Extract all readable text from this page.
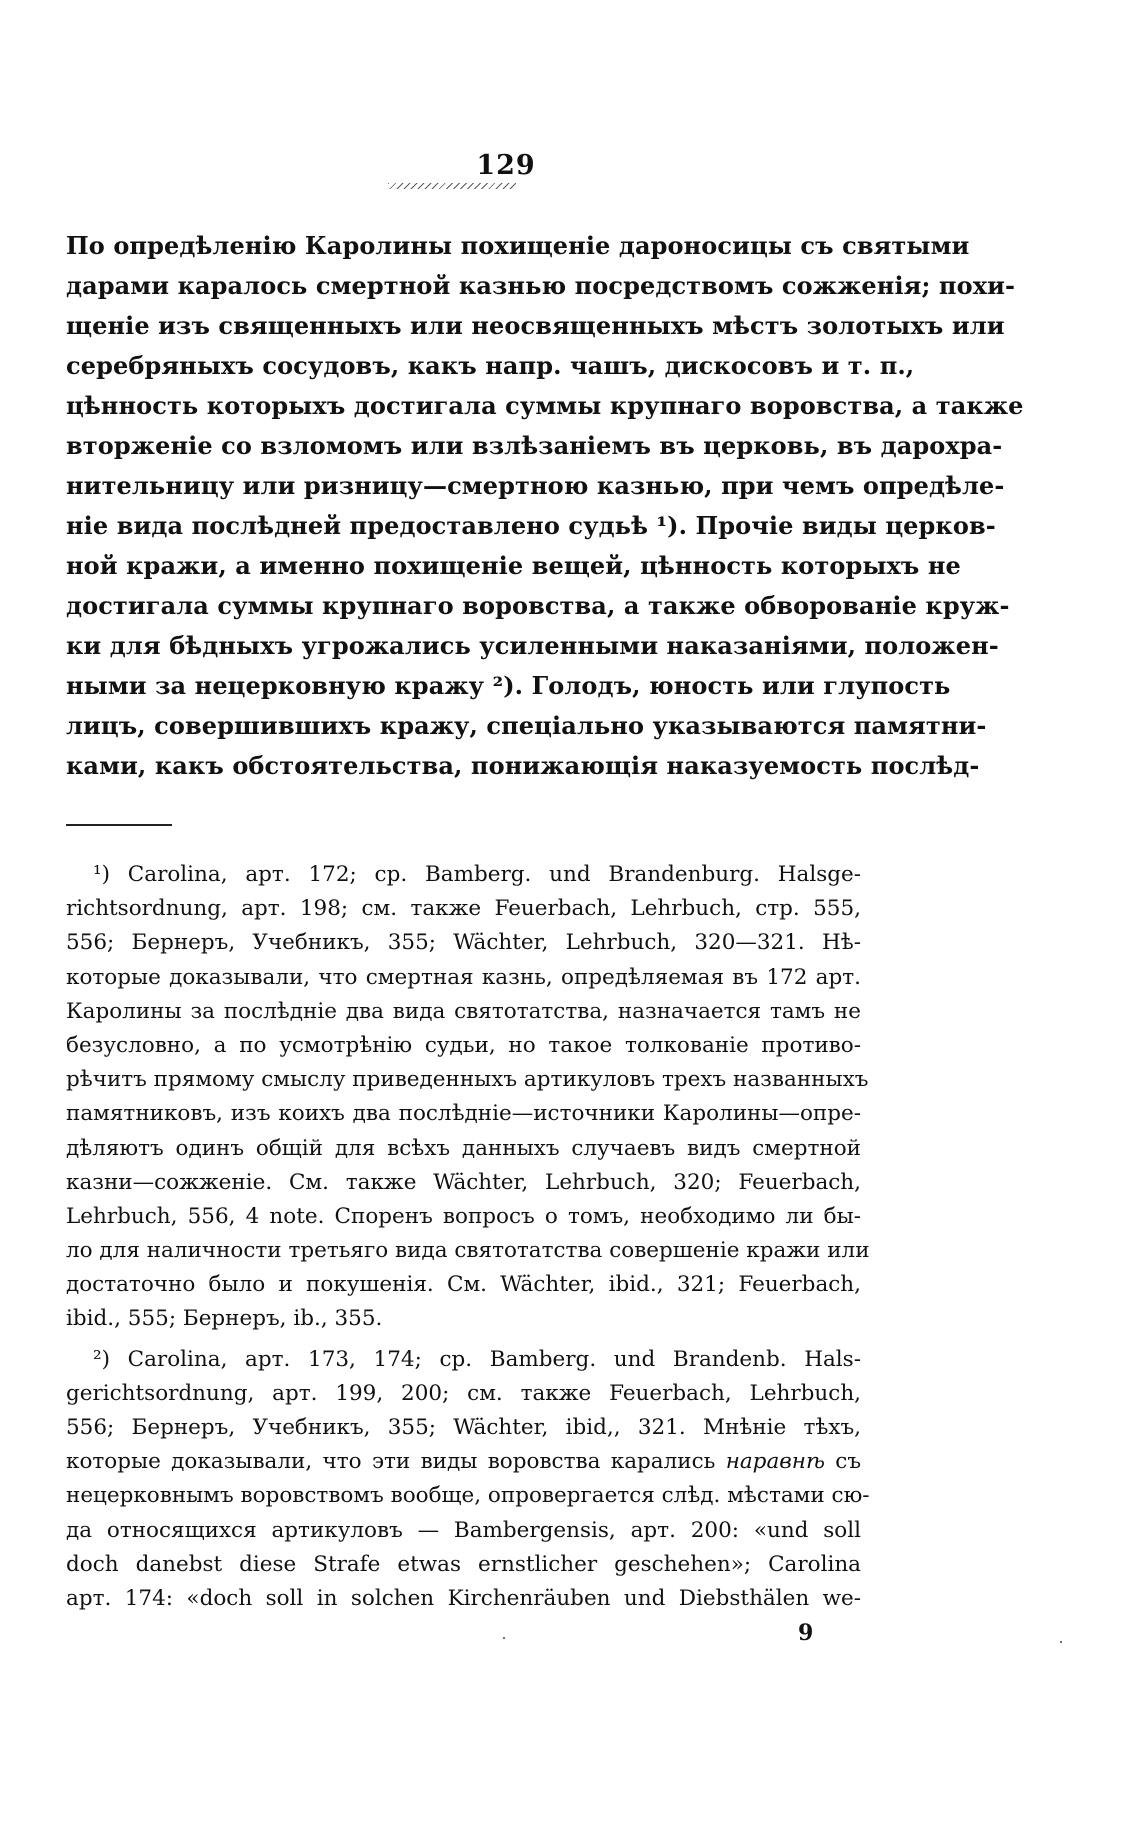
129
По опредѣленію Каролины похищеніе дароносицы съ святыми
дарами каралось смертной казнью посредствомъ сожженія; похи-
щеніе изъ священныхъ или неосвященныхъ мѣстъ золотыхъ или
серебряныхъ сосудовъ, какъ напр. чашъ, дискосовъ и т. п.,
цѣнность которыхъ достигала суммы крупнаго воровства, а также
вторженіе со взломомъ или взлѣзаніемъ въ церковь, въ дарохра-
нительницу или ризницу—смертною казнью, при чемъ опредѣле-
ніе вида послѣдней предоставлено судьѣ ¹). Прочіе виды церков-
ной кражи, а именно похищеніе вещей, цѣнность которыхъ не
достигала суммы крупнаго воровства, а также обворованіе круж-
ки для бѣдныхъ угрожались усиленными наказаніями, положен-
ными за нецерковную кражу ²). Голодъ, юность или глупость
лицъ, совершившихъ кражу, спеціально указываются памятни-
ками, какъ обстоятельства, понижающія наказуемость послѣд-
¹) Carolina, арт. 172; ср. Bamberg. und Brandenburg. Halsge-
richtsordnung, арт. 198; см. также Feuerbach, Lehrbuch, стр. 555,
556; Бернеръ, Учебникъ, 355; Wächter, Lehrbuch, 320—321. Нѣ-
которые доказывали, что смертная казнь, опредѣляемая въ 172 арт.
Каролины за послѣдніе два вида святотатства, назначается тамъ не
безусловно, а по усмотрѣнію судьи, но такое толкованіе противо-
рѣчитъ прямому смыслу приведенныхъ артикуловъ трехъ названныхъ
памятниковъ, изъ коихъ два послѣдніе—источники Каролины—опре-
дѣляютъ одинъ общій для всѣхъ данныхъ случаевъ видъ смертной
казни—сожженіе. См. также Wächter, Lehrbuch, 320; Feuerbach,
Lehrbuch, 556, 4 note. Споренъ вопросъ о томъ, необходимо ли бы-
ло для наличности третьяго вида святотатства совершеніе кражи или
достаточно было и покушенія. См. Wächter, ibid., 321; Feuerbach,
ibid., 555; Бернеръ, ib., 355.
²) Carolina, арт. 173, 174; ср. Bamberg. und Brandenb. Hals-
gerichtsordnung, арт. 199, 200; см. также Feuerbach, Lehrbuch,
556; Бернеръ, Учебникъ, 355; Wächter, ibid,, 321. Мнѣніе тѣхъ,
которые доказывали, что эти виды воровства карались наравнѣ съ
нецерковнымъ воровствомъ вообще, опровергается слѣд. мѣстами сю-
да относящихся артикуловъ — Bambergensis, арт. 200: «und soll
doch danebst diese Strafe etwas ernstlicher geschehen»; Carolina
арт. 174: «doch soll in solchen Kirchenräuben und Diebsthälen we-
9
